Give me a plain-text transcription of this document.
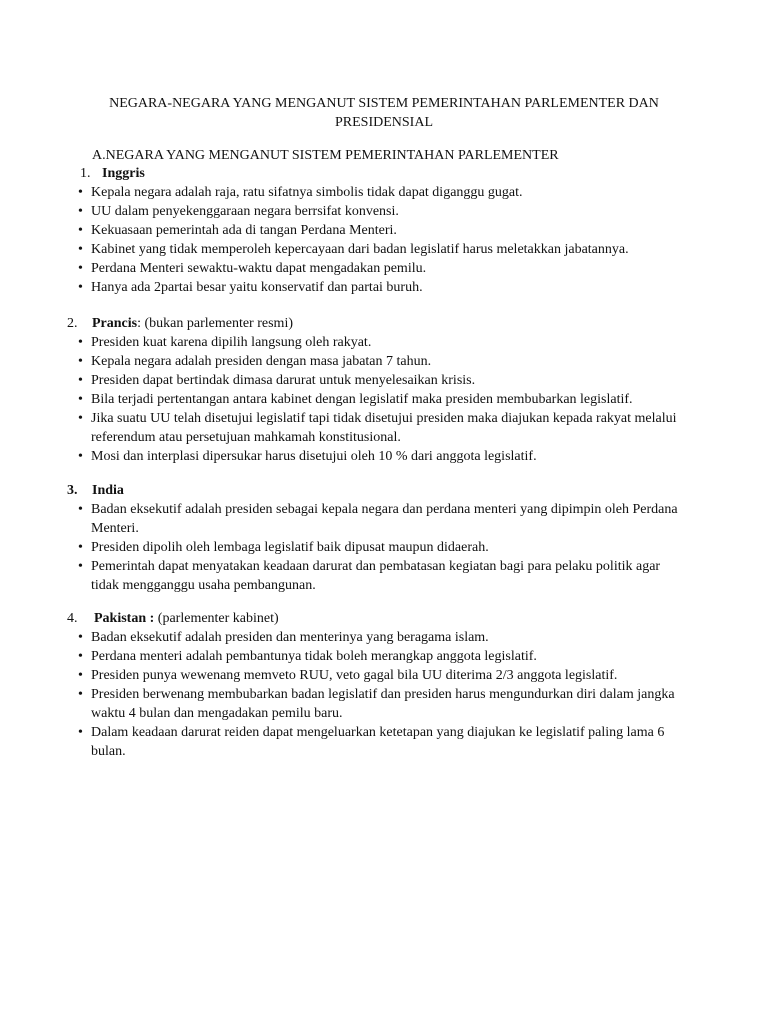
NEGARA-NEGARA YANG MENGANUT SISTEM PEMERINTAHAN PARLEMENTER DAN PRESIDENSIAL
A.NEGARA YANG MENGANUT SISTEM PEMERINTAHAN PARLEMENTER
1. Inggris
• Kepala negara adalah raja, ratu sifatnya simbolis tidak dapat diganggu gugat.
• UU dalam penyekenggaraan negara berrsifat konvensi.
• Kekuasaan pemerintah ada di tangan Perdana Menteri.
• Kabinet yang tidak memperoleh kepercayaan dari badan legislatif harus meletakkan jabatannya.
• Perdana Menteri sewaktu-waktu dapat mengadakan pemilu.
• Hanya ada 2partai besar yaitu konservatif dan partai buruh.
2. Prancis: (bukan parlementer resmi)
• Presiden kuat karena dipilih langsung oleh rakyat.
• Kepala negara adalah presiden dengan masa jabatan 7 tahun.
• Presiden dapat bertindak dimasa darurat untuk menyelesaikan krisis.
• Bila terjadi pertentangan antara kabinet dengan legislatif maka presiden membubarkan legislatif.
• Jika suatu UU telah disetujui legislatif tapi tidak disetujui presiden maka diajukan kepada rakyat melalui referendum atau persetujuan mahkamah konstitusional.
• Mosi dan interplasi dipersukar harus disetujui oleh 10 % dari anggota legislatif.
3. India
• Badan eksekutif adalah presiden sebagai kepala negara dan perdana menteri yang dipimpin oleh Perdana Menteri.
• Presiden dipolih oleh lembaga legislatif baik dipusat maupun didaerah.
• Pemerintah dapat menyatakan keadaan darurat dan pembatasan kegiatan bagi para pelaku politik agar tidak mengganggu usaha pembangunan.
4. Pakistan : (parlementer kabinet)
• Badan eksekutif adalah presiden dan menterinya yang beragama islam.
• Perdana menteri adalah pembantunya tidak boleh merangkap anggota legislatif.
• Presiden punya wewenang memveto RUU, veto gagal bila UU diterima 2/3 anggota legislatif.
• Presiden berwenang membubarkan badan legislatif dan presiden harus mengundurkan diri dalam jangka waktu 4 bulan dan mengadakan pemilu baru.
• Dalam keadaan darurat reiden dapat mengeluarkan ketetapan yang diajukan ke legislatif paling lama 6 bulan.
